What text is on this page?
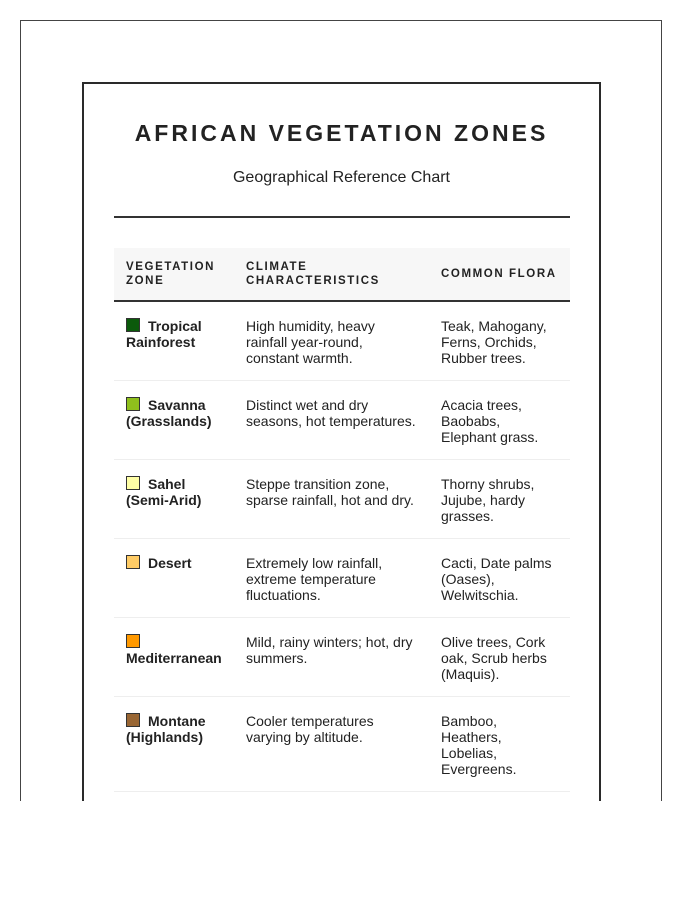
AFRICAN VEGETATION ZONES
Geographical Reference Chart
VEGETATION ZONE	CLIMATE CHARACTERISTICS	COMMON FLORA
Tropical Rainforest	High humidity, heavy rainfall year-round, constant warmth.	Teak, Mahogany, Ferns, Orchids, Rubber trees.
Savanna (Grasslands)	Distinct wet and dry seasons, hot temperatures.	Acacia trees, Baobabs, Elephant grass.
Sahel (Semi-Arid)	Steppe transition zone, sparse rainfall, hot and dry.	Thorny shrubs, Jujube, hardy grasses.
Desert	Extremely low rainfall, extreme temperature fluctuations.	Cacti, Date palms (Oases), Welwitschia.
Mediterranean	Mild, rainy winters; hot, dry summers.	Olive trees, Cork oak, Scrub herbs (Maquis).
Montane (Highlands)	Cooler temperatures varying by altitude.	Bamboo, Heathers, Lobelias, Evergreens.
